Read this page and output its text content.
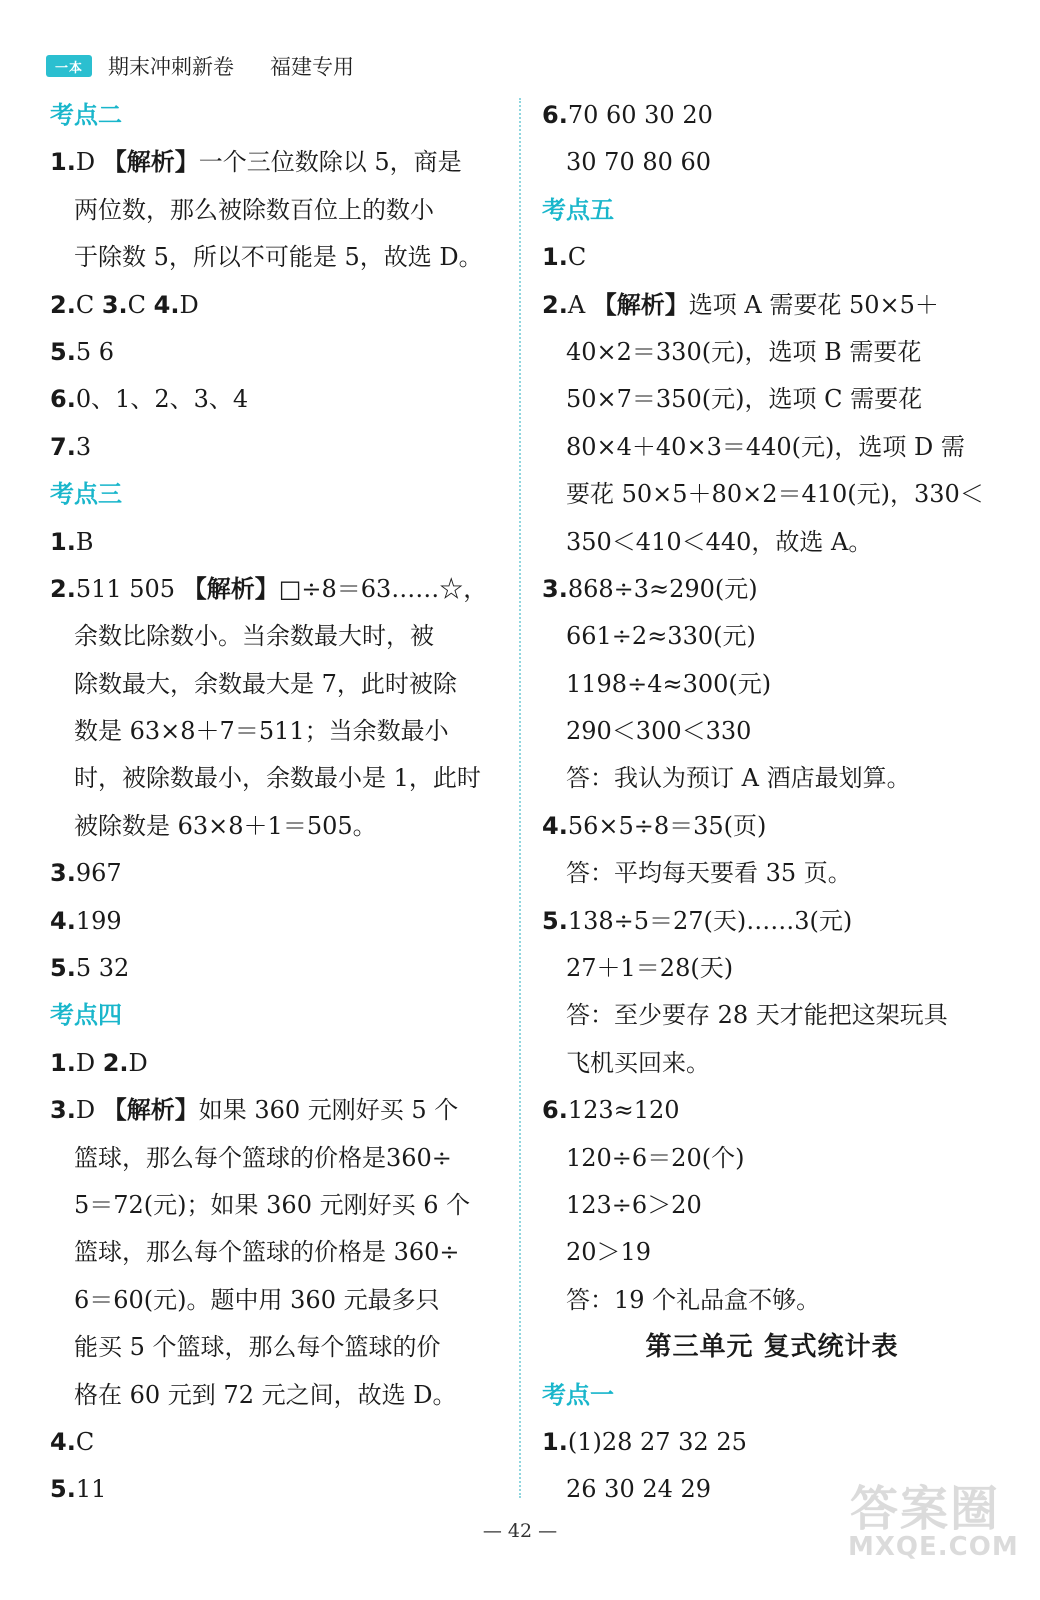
一本	期末冲刺新卷 福建专用
考点二
1.D 【解析】一个三位数除以 5，商是
两位数，那么被除数百位上的数小
于除数 5，所以不可能是 5，故选 D。
2.C 3.C 4.D
5.5 6
6.0、1、2、3、4
7.3
考点三
1.B
2.511 505 【解析】□÷8＝63……☆，
余数比除数小。当余数最大时，被
除数最大，余数最大是 7，此时被除
数是 63×8＋7＝511；当余数最小
时，被除数最小，余数最小是 1，此时
被除数是 63×8＋1＝505。
3.967
4.199
5.5 32
考点四
1.D 2.D
3.D 【解析】如果 360 元刚好买 5 个
篮球，那么每个篮球的价格是360÷
5＝72(元)；如果 360 元刚好买 6 个
篮球，那么每个篮球的价格是 360÷
6＝60(元)。题中用 360 元最多只
能买 5 个篮球，那么每个篮球的价
格在 60 元到 72 元之间，故选 D。
4.C
5.11
6.70 60 30 20
30 70 80 60
考点五
1.C
2.A 【解析】选项 A 需要花 50×5＋
40×2＝330(元)，选项 B 需要花
50×7＝350(元)，选项 C 需要花
80×4＋40×3＝440(元)，选项 D 需
要花 50×5＋80×2＝410(元)，330＜
350＜410＜440，故选 A。
3.868÷3≈290(元)
661÷2≈330(元)
1198÷4≈300(元)
290＜300＜330
答：我认为预订 A 酒店最划算。
4.56×5÷8＝35(页)
答：平均每天要看 35 页。
5.138÷5＝27(天)……3(元)
27＋1＝28(天)
答：至少要存 28 天才能把这架玩具
飞机买回来。
6.123≈120
120÷6＝20(个)
123÷6＞20
20＞19
答：19 个礼品盒不够。
第三单元 复式统计表
考点一
1.(1)28 27 32 25
26 30 24 29
— 42 —	答案圈
MXQE.COM
